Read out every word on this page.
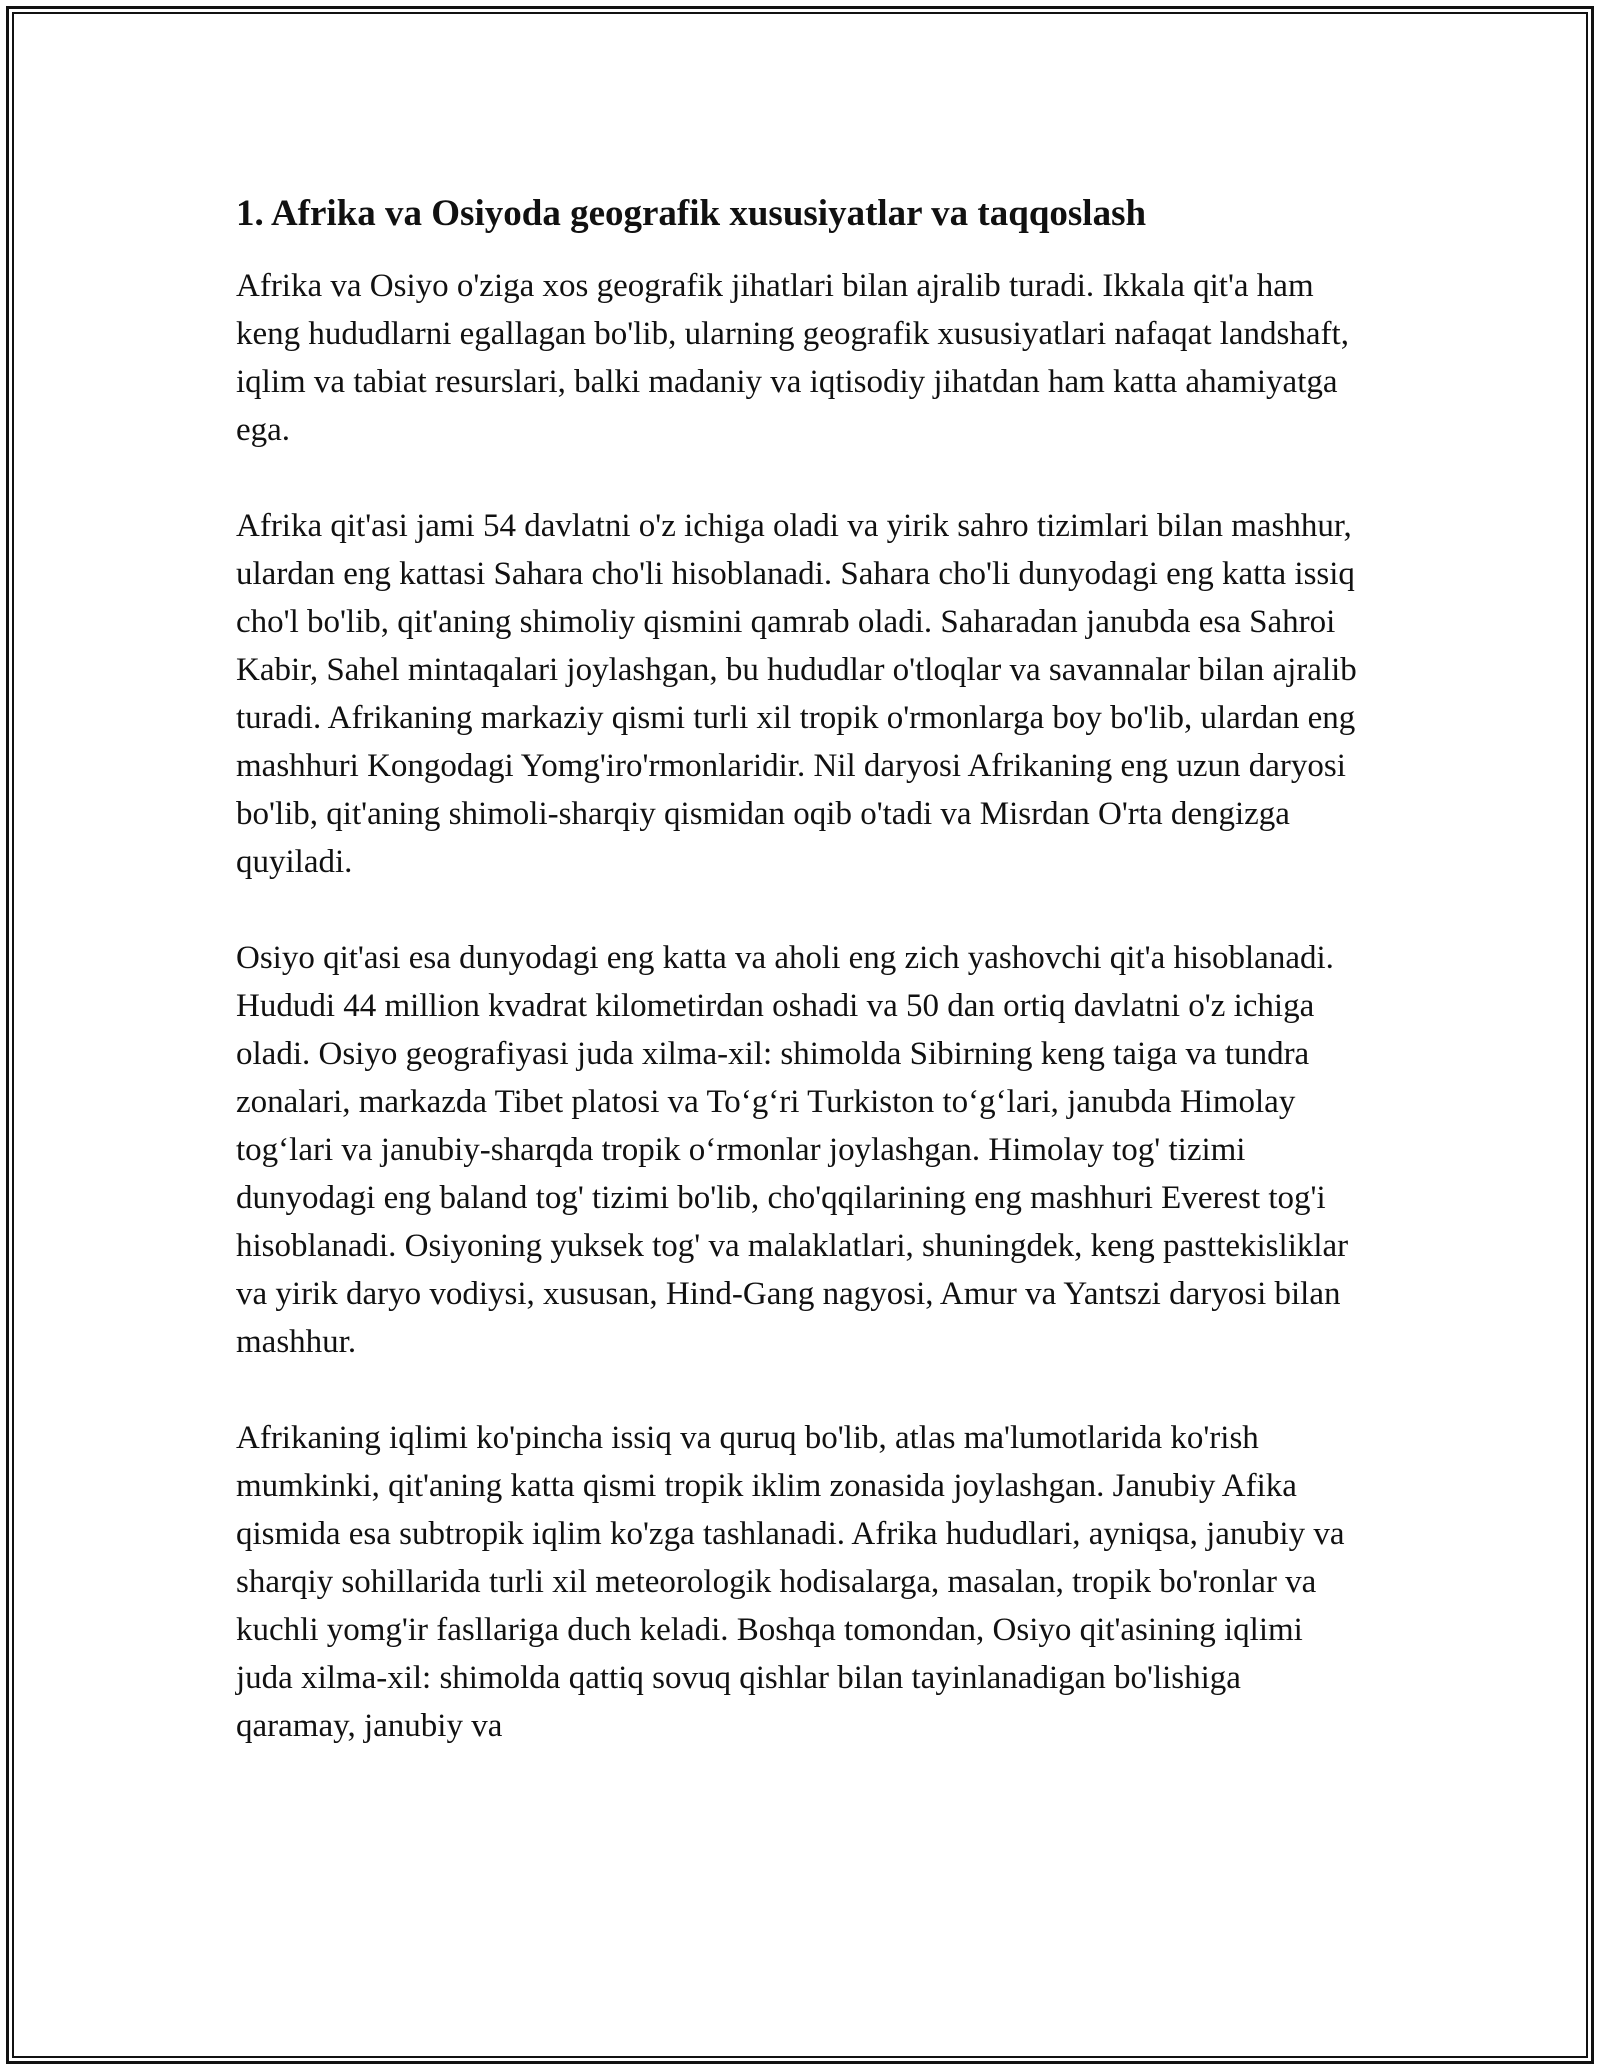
1. Afrika va Osiyoda geografik xususiyatlar va taqqoslash

Afrika va Osiyo o'ziga xos geografik jihatlari bilan ajralib turadi. Ikkala qit'a ham keng hududlarni egallagan bo'lib, ularning geografik xususiyatlari nafaqat landshaft, iqlim va tabiat resurslari, balki madaniy va iqtisodiy jihatdan ham katta ahamiyatga ega.

Afrika qit'asi jami 54 davlatni o'z ichiga oladi va yirik sahro tizimlari bilan mashhur, ulardan eng kattasi Sahara cho'li hisoblanadi. Sahara cho'li dunyodagi eng katta issiq cho'l bo'lib, qit'aning shimoliy qismini qamrab oladi. Saharadan janubda esa Sahroi Kabir, Sahel mintaqalari joylashgan, bu hududlar o'tloqlar va savannalar bilan ajralib turadi. Afrikaning markaziy qismi turli xil tropik o'rmonlarga boy bo'lib, ulardan eng mashhuri Kongodagi Yomg'iro'rmonlaridir. Nil daryosi Afrikaning eng uzun daryosi bo'lib, qit'aning shimoli-sharqiy qismidan oqib o'tadi va Misrdan O'rta dengizga quyiladi.

Osiyo qit'asi esa dunyodagi eng katta va aholi eng zich yashovchi qit'a hisoblanadi. Hududi 44 million kvadrat kilometirdan oshadi va 50 dan ortiq davlatni o'z ichiga oladi. Osiyo geografiyasi juda xilma-xil: shimolda Sibirning keng taiga va tundra zonalari, markazda Tibet platosi va To‘g‘ri Turkiston to‘g‘lari, janubda Himolay tog‘lari va janubiy-sharqda tropik o‘rmonlar joylashgan. Himolay tog' tizimi dunyodagi eng baland tog' tizimi bo'lib, cho'qqilarining eng mashhuri Everest tog'i hisoblanadi. Osiyoning yuksek tog' va malaklatlari, shuningdek, keng pasttekisliklar va yirik daryo vodiysi, xususan, Hind-Gang nagyosi, Amur va Yantszi daryosi bilan mashhur.

Afrikaning iqlimi ko'pincha issiq va quruq bo'lib, atlas ma'lumotlarida ko'rish mumkinki, qit'aning katta qismi tropik iklim zonasida joylashgan. Janubiy Afika qismida esa subtropik iqlim ko'zga tashlanadi. Afrika hududlari, ayniqsa, janubiy va sharqiy sohillarida turli xil meteorologik hodisalarga, masalan, tropik bo'ronlar va kuchli yomg'ir fasllariga duch keladi. Boshqa tomondan, Osiyo qit'asining iqlimi juda xilma-xil: shimolda qattiq sovuq qishlar bilan tayinlanadigan bo'lishiga qaramay, janubiy va
